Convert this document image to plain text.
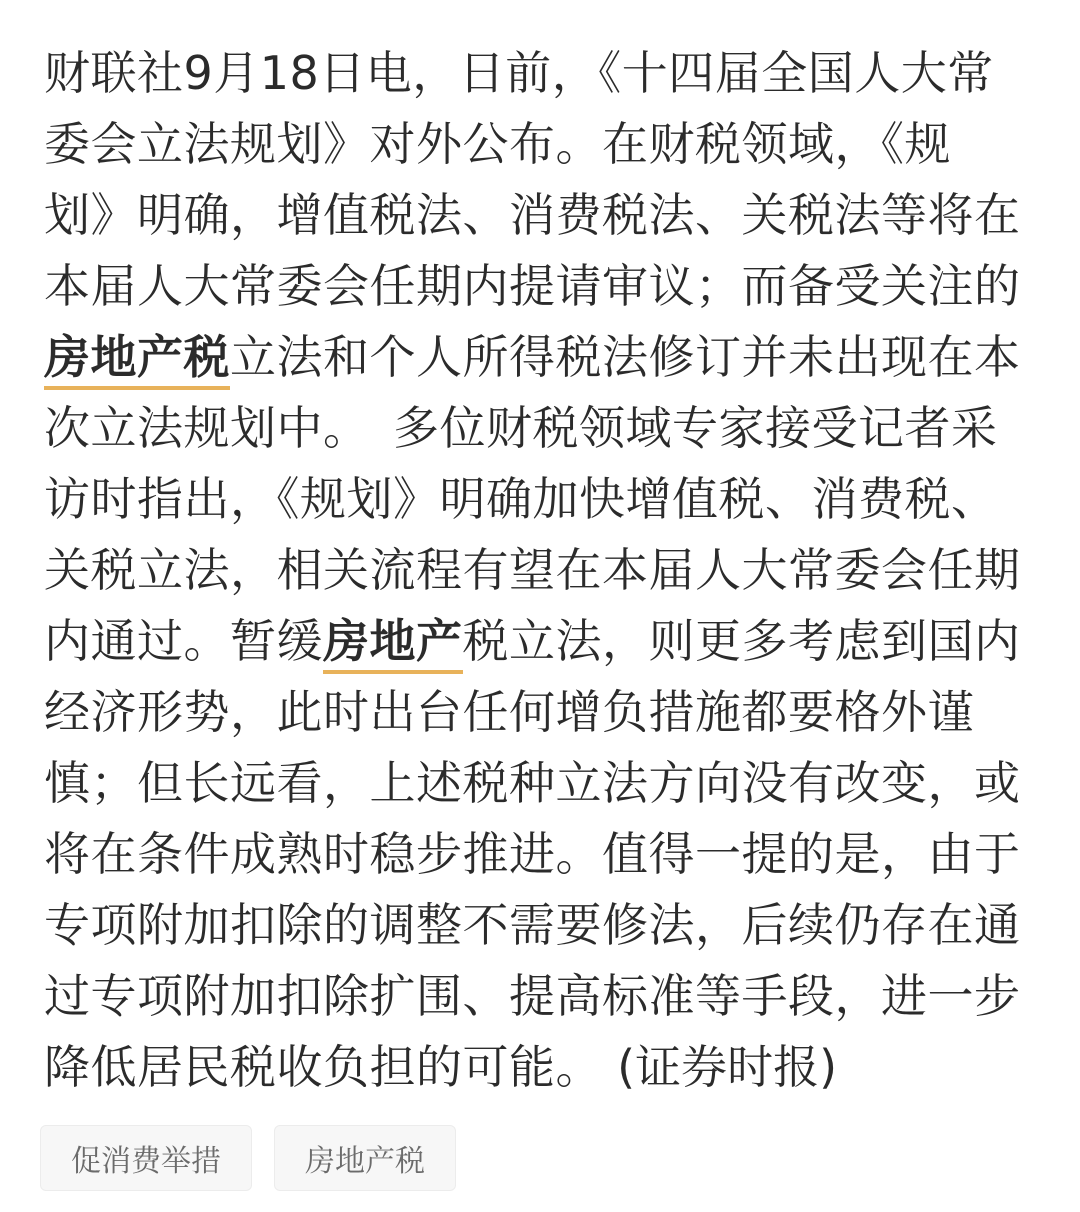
财联社9月18日电，日前，《十四届全国人大常
委会立法规划》对外公布。在财税领域，《规
划》明确，增值税法、消费税法、关税法等将在
本届人大常委会任期内提请审议；而备受关注的
房地产税立法和个人所得税法修订并未出现在本
次立法规划中。　多位财税领域专家接受记者采
访时指出，《规划》明确加快增值税、消费税、
关税立法，相关流程有望在本届人大常委会任期
内通过。暂缓房地产税立法，则更多考虑到国内
经济形势，此时出台任何增负措施都要格外谨
慎；但长远看，上述税种立法方向没有改变，或
将在条件成熟时稳步推进。值得一提的是，由于
专项附加扣除的调整不需要修法，后续仍存在通
过专项附加扣除扩围、提高标准等手段，进一步
降低居民税收负担的可能。 (证券时报)
促消费举措	房地产税
